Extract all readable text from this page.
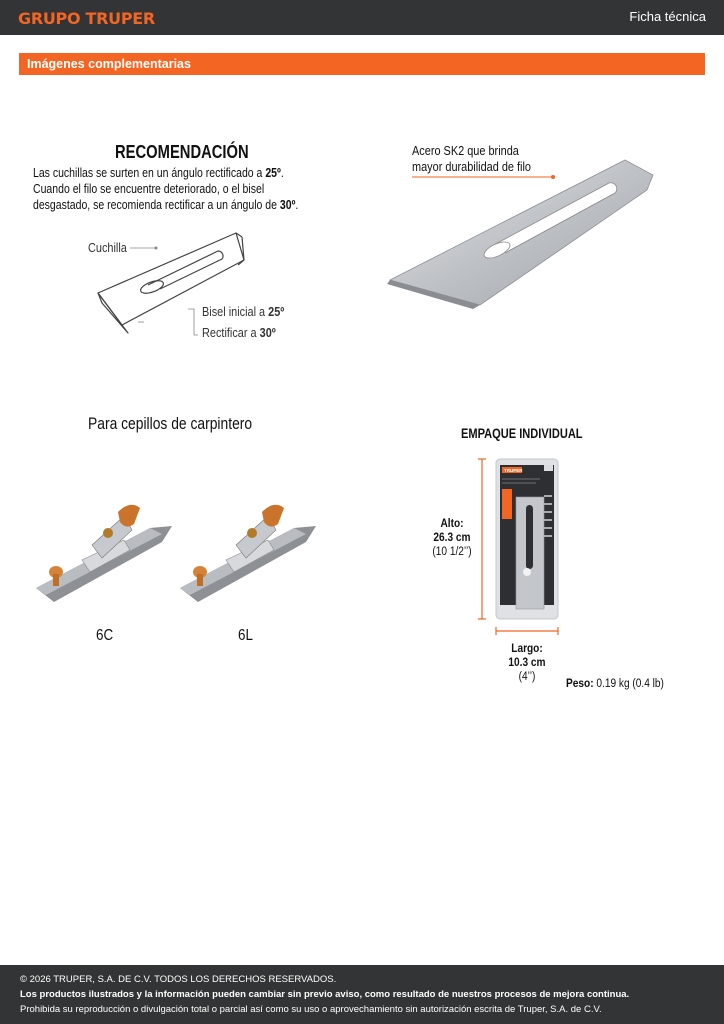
GRUPO TRUPER	Ficha técnica
Imágenes complementarias
RECOMENDACIÓN
Las cuchillas se surten en un ángulo rectificado a 25º.
Cuando el filo se encuentre deteriorado, o el bisel
desgastado, se recomienda rectificar a un ángulo de 30º.
Cuchilla
Bisel inicial a 25º
Rectificar a 30º
Acero SK2 que brinda
mayor durabilidad de filo
Para cepillos de carpintero
6C	6L
EMPAQUE INDIVIDUAL
TRUPER
Alto:
26.3 cm
(10 1/2’’)
Largo:
10.3 cm
(4’’)
Peso: 0.19 kg (0.4 lb)
© 2026 TRUPER, S.A. DE C.V. TODOS LOS DERECHOS RESERVADOS.
Los productos ilustrados y la información pueden cambiar sin previo aviso, como resultado de nuestros procesos de mejora continua.
Prohibida su reproducción o divulgación total o parcial así como su uso o aprovechamiento sin autorización escrita de Truper, S.A. de C.V.
